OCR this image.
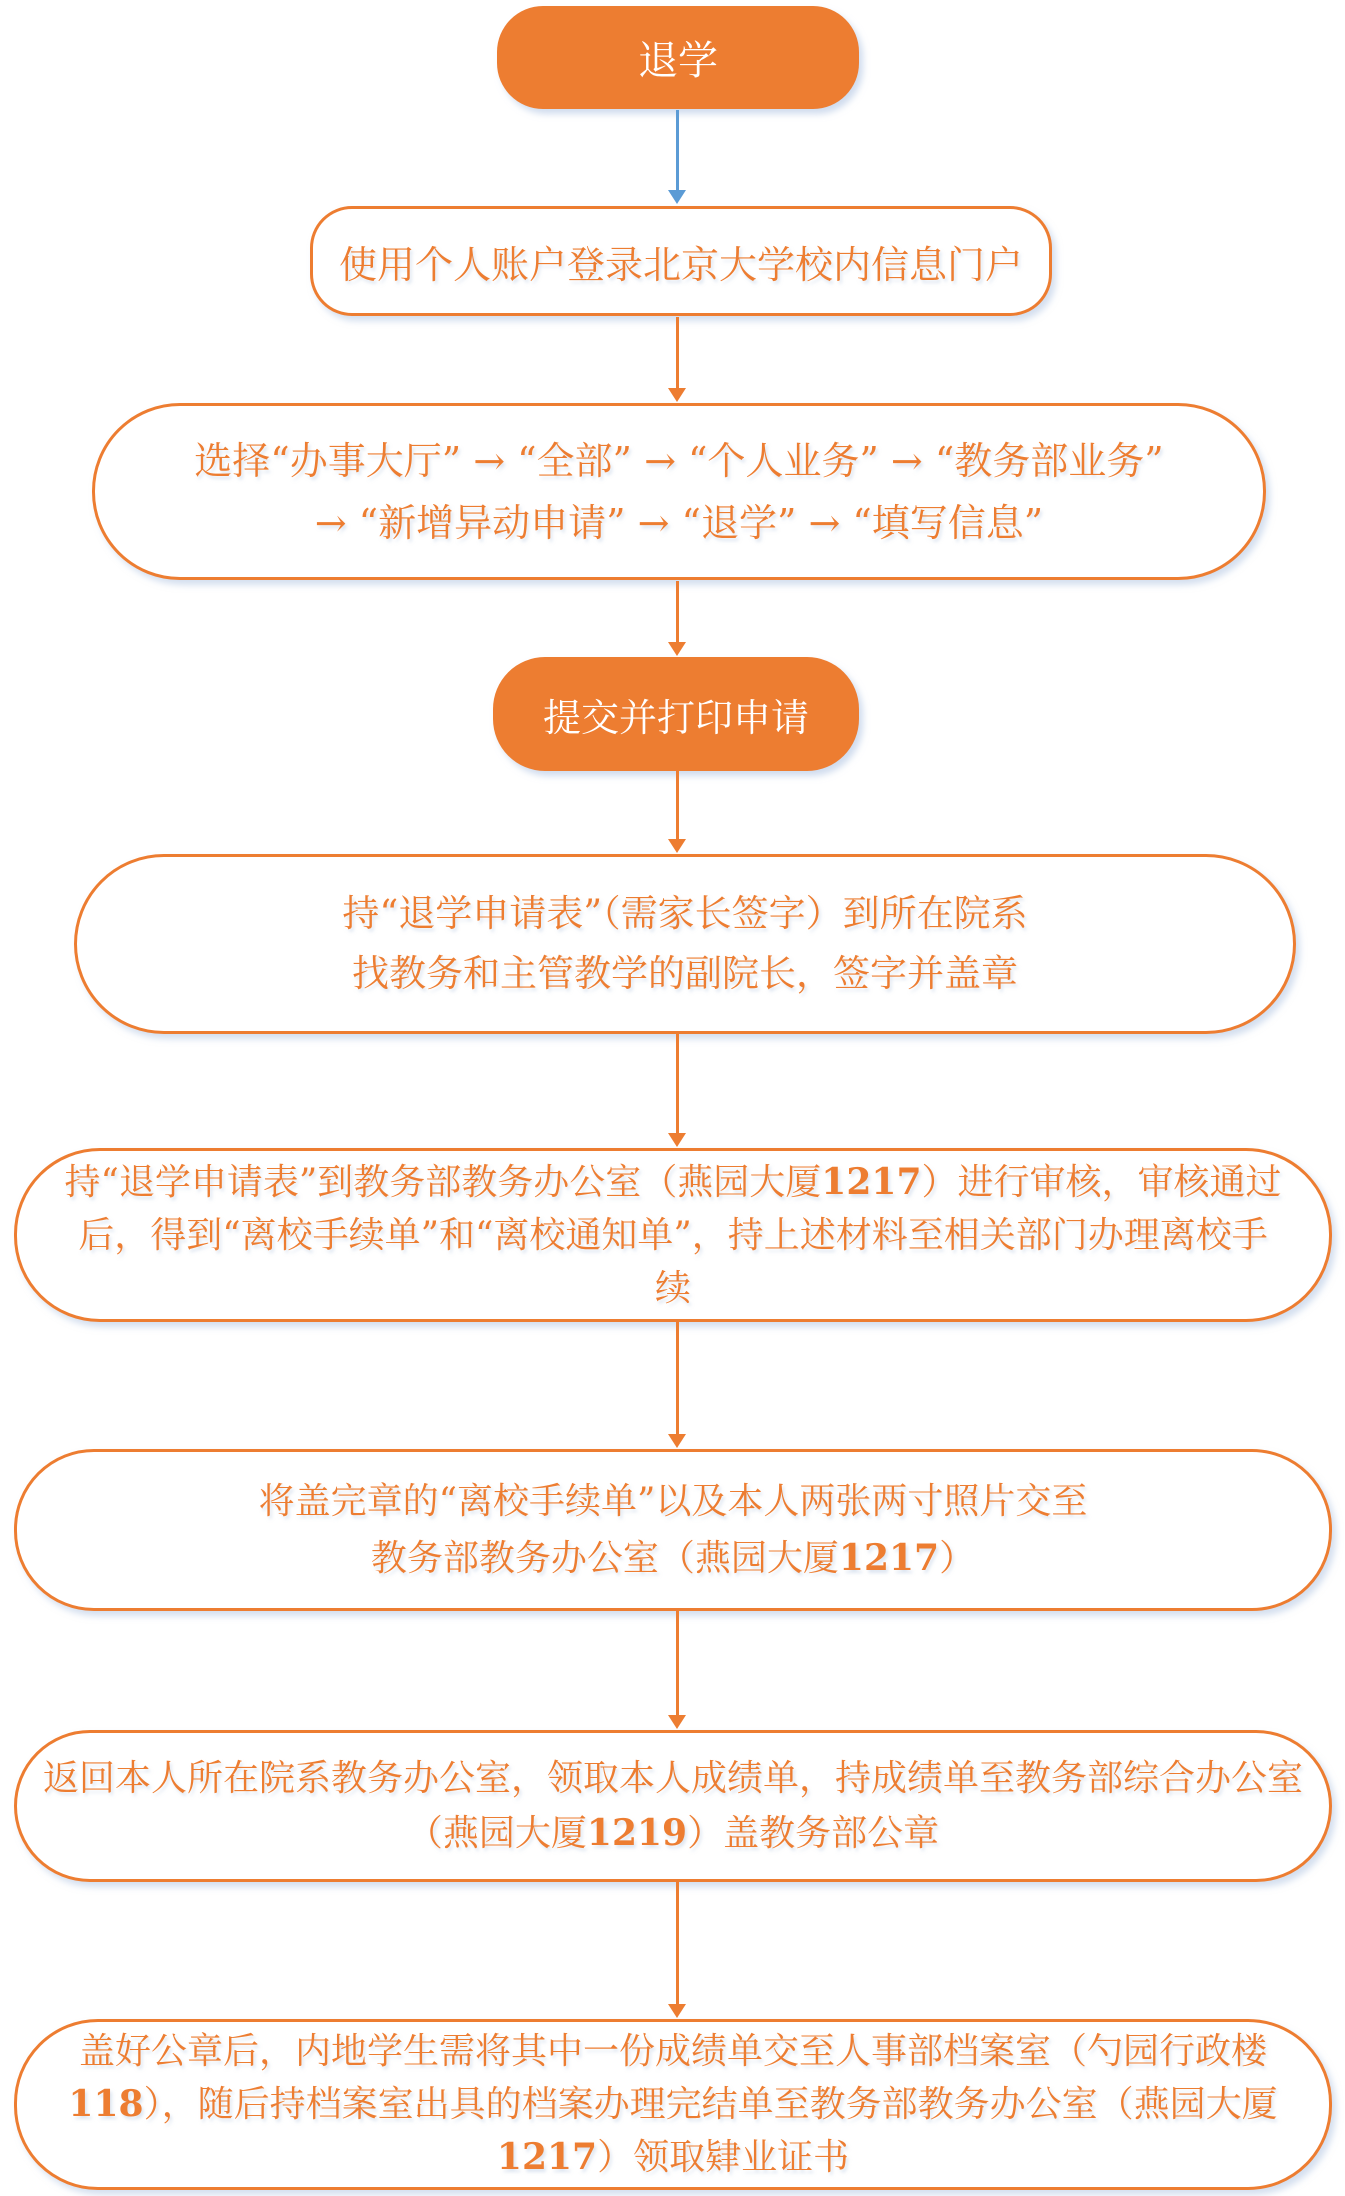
退学
使用个人账户登录北京大学校内信息门户
选择“办事大厅” → “全部” → “个人业务” → “教务部业务”
→ “新增异动申请” → “退学” → “填写信息”
提交并打印申请
持“退学申请表”（需家长签字）到所在院系
找教务和主管教学的副院长，签字并盖章
持“退学申请表”到教务部教务办公室（燕园大厦1217）进行审核，审核通过
后，得到“离校手续单”和“离校通知单”，持上述材料至相关部门办理离校手
续
将盖完章的“离校手续单”以及本人两张两寸照片交至
教务部教务办公室（燕园大厦1217）
返回本人所在院系教务办公室，领取本人成绩单，持成绩单至教务部综合办公室
（燕园大厦1219）盖教务部公章
盖好公章后，内地学生需将其中一份成绩单交至人事部档案室（勺园行政楼
118），随后持档案室出具的档案办理完结单至教务部教务办公室（燕园大厦
1217）领取肄业证书
